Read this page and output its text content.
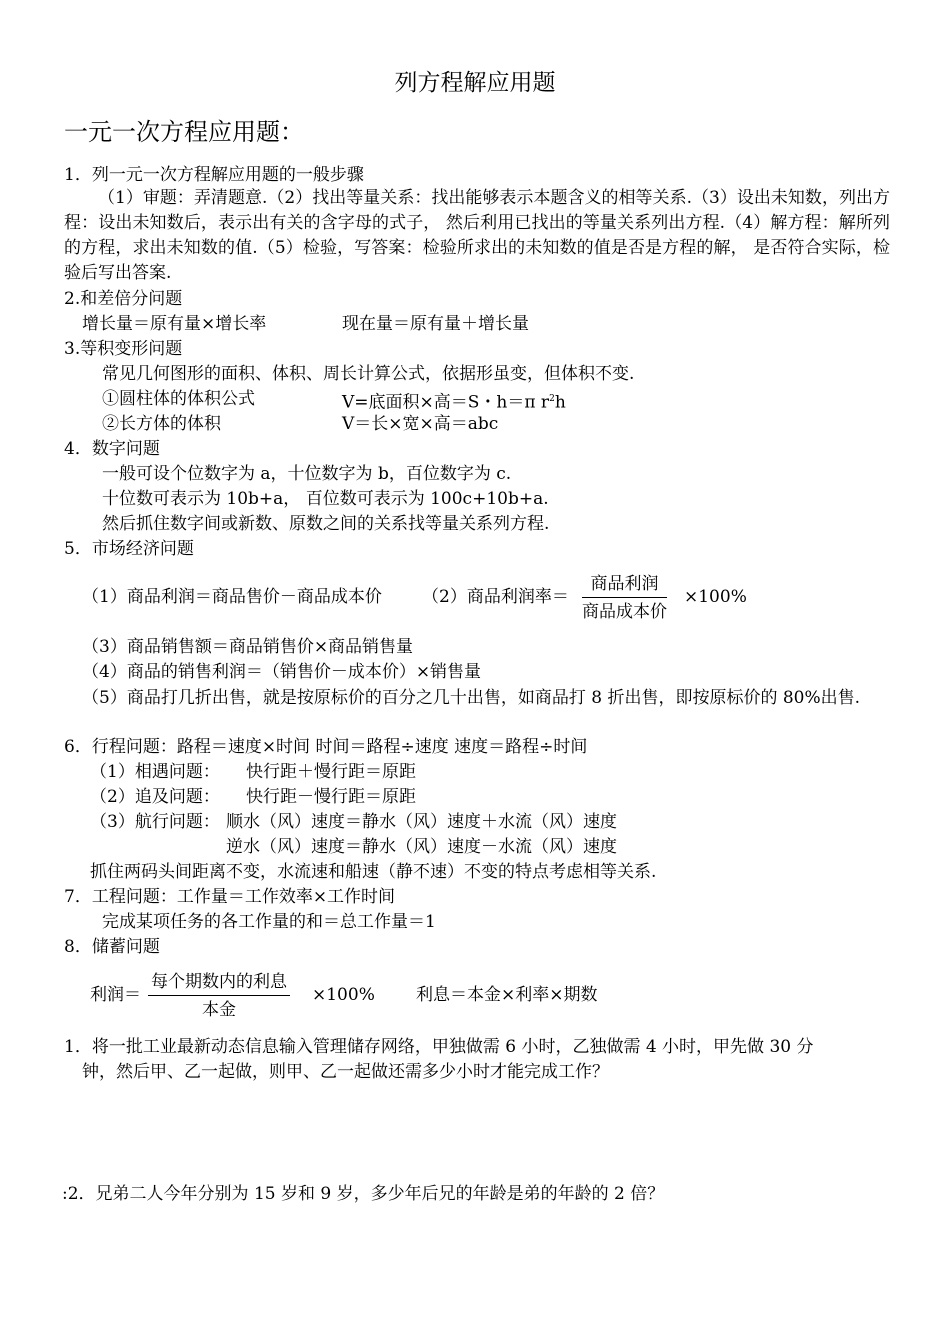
列方程解应用题
一元一次方程应用题：
1．列一元一次方程解应用题的一般步骤
（1）审题：弄清题意.（2）找出等量关系：找出能够表示本题含义的相等关系.（3）设出未知数，列出方程：设出未知数后，表示出有关的含字母的式子， 然后利用已找出的等量关系列出方程.（4）解方程：解所列的方程，求出未知数的值.（5）检验，写答案：检验所求出的未知数的值是否是方程的解， 是否符合实际，检验后写出答案.
2.和差倍分问题
增长量＝原有量×增长率	现在量＝原有量＋增长量
3.等积变形问题
常见几何图形的面积、体积、周长计算公式，依据形虽变，但体积不变.
①圆柱体的体积公式	V=底面积×高＝S・h＝π $r^2h$
②长方体的体积	V＝长×宽×高＝abc
4．数字问题
一般可设个位数字为 a，十位数字为 b，百位数字为 c.
十位数可表示为 10b+a， 百位数可表示为 100c+10b+a.
然后抓住数字间或新数、原数之间的关系找等量关系列方程.
5．市场经济问题
（1）商品利润＝商品售价－商品成本价 （2）商品利润率＝
商品利润
商品成本价
×100%
（3）商品销售额＝商品销售价×商品销售量
（4）商品的销售利润＝（销售价－成本价）×销售量
（5）商品打几折出售，就是按原标价的百分之几十出售，如商品打 8 折出售，即按原标价的 80%出售.
6．行程问题：路程＝速度×时间 时间＝路程÷速度 速度＝路程÷时间
（1）相遇问题： 快行距＋慢行距＝原距
（2）追及问题： 快行距－慢行距＝原距
（3）航行问题： 顺水（风）速度＝静水（风）速度＋水流（风）速度
逆水（风）速度＝静水（风）速度－水流（风）速度
抓住两码头间距离不变，水流速和船速（静不速）不变的特点考虑相等关系.
7．工程问题：工作量＝工作效率×工作时间
完成某项任务的各工作量的和＝总工作量＝1
8．储蓄问题
利润＝
每个期数内的利息
本金
×100% 利息＝本金×利率×期数
1．将一批工业最新动态信息输入管理储存网络，甲独做需 6 小时，乙独做需 4 小时，甲先做 30 分
钟，然后甲、乙一起做，则甲、乙一起做还需多少小时才能完成工作？
:2．兄弟二人今年分别为 15 岁和 9 岁，多少年后兄的年龄是弟的年龄的 2 倍？
